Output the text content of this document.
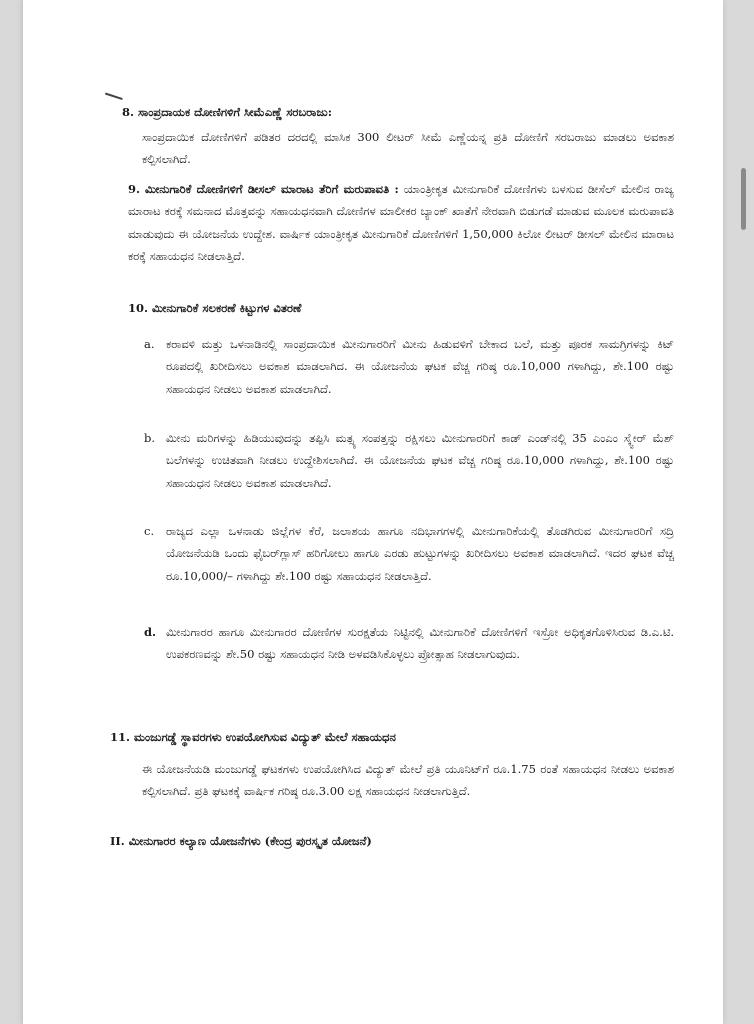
8. ಸಾಂಪ್ರದಾಯಕ ದೋಣಿಗಳಿಗೆ ಸೀಮೆಎಣ್ಣೆ ಸರಬರಾಜು:
ಸಾಂಪ್ರದಾಯಿಕ ದೋಣಿಗಳಿಗೆ ಪಡಿತರ ದರದಲ್ಲಿ ಮಾಸಿಕ 300 ಲೀಟರ್ ಸೀಮೆ ಎಣ್ಣೆಯನ್ನ ಪ್ರತಿ ದೋಣಿಗೆ ಸರಬರಾಜು ಮಾಡಲು ಅವಕಾಶ ಕಲ್ಪಿಸಲಾಗಿದೆ.
9. ಮೀನುಗಾರಿಕೆ ದೋಣಿಗಳಿಗೆ ಡೀಸಲ್ ಮಾರಾಟ ತೆರಿಗೆ ಮರುಪಾವತಿ : ಯಾಂತ್ರೀಕೃತ ಮೀನುಗಾರಿಕೆ ದೋಣಿಗಳು ಬಳಸುವ ಡೀಸೆಲ್ ಮೇಲಿನ ರಾಜ್ಯ ಮಾರಾಟ ಕರಕ್ಕೆ ಸಮನಾದ ಮೊತ್ತವನ್ನು ಸಹಾಯಧನವಾಗಿ ದೋಣಿಗಳ ಮಾಲೀಕರ ಬ್ಯಾಂಕ್ ಖಾತೆಗೆ ನೇರವಾಗಿ ಬಿಡುಗಡೆ ಮಾಡುವ ಮೂಲಕ ಮರುಪಾವತಿ ಮಾಡುವುದು ಈ ಯೋಜನೆಯ ಉದ್ದೇಶ. ವಾರ್ಷಿಕ ಯಾಂತ್ರೀಕೃತ ಮೀನುಗಾರಿಕೆ ದೋಣಿಗಳಿಗೆ 1,50,000 ಕಿಲೋ ಲೀಟರ್ ಡೀಸಲ್ ಮೇಲಿನ ಮಾರಾಟ ಕರಕ್ಕೆ ಸಹಾಯಧನ ನೀಡಲಾತ್ತಿದೆ.
10. ಮೀನುಗಾರಿಕೆ ಸಲಕರಣೆ ಕಿಟ್ಟುಗಳ ವಿತರಣೆ
a. ಕರಾವಳಿ ಮತ್ತು ಒಳನಾಡಿನಲ್ಲಿ ಸಾಂಪ್ರದಾಯಿಕ ಮೀನುಗಾರರಿಗೆ ಮೀನು ಹಿಡುವಳಿಗೆ ಬೇಕಾದ ಬಲೆ, ಮತ್ತು ಪೂರಕ ಸಾಮಗ್ರಿಗಳನ್ನು ಕಿಟ್ ರೂಪದಲ್ಲಿ ಖರೀದಿಸಲು ಅವಕಾಶ ಮಾಡಲಾಗಿದ. ಈ ಯೋಜನೆಯ ಘಟಕ ವೆಚ್ಚ ಗರಿಷ್ಠ ರೂ.10,000 ಗಳಾಗಿದ್ದು, ಶೇ.100 ರಷ್ಟು ಸಹಾಯಧನ ನೀಡಲು ಅವಕಾಶ ಮಾಡಲಾಗಿದೆ.
b. ಮೀನು ಮರಿಗಳನ್ನು ಹಿಡಿಯುವುದನ್ನು ತಪ್ಪಿಸಿ ಮತ್ಸ್ಯ ಸಂಪತ್ತನ್ನು ರಕ್ಷಿಸಲು ಮೀನುಗಾರರಿಗೆ ಕಾಡ್ ಎಂಡ್‌ನಲ್ಲಿ 35 ಎಂಎಂ ಸ್ಕ್ವೇರ್ ಮೆಶ್ ಬಲೆಗಳನ್ನು ಉಚಿತವಾಗಿ ನೀಡಲು ಉದ್ದೇಶಿಸಲಾಗಿದೆ. ಈ ಯೋಜನೆಯ ಘಟಕ ವೆಚ್ಚ ಗರಿಷ್ಠ ರೂ.10,000 ಗಳಾಗಿದ್ದು, ಶೇ.100 ರಷ್ಟು ಸಹಾಯಧನ ನೀಡಲು ಅವಕಾಶ ಮಾಡಲಾಗಿದೆ.
c.	ರಾಜ್ಯದ ಎಲ್ಲಾ ಒಳನಾಡು ಜಿಲ್ಲೆಗಳ ಕೆರೆ, ಜಲಾಶಯ ಹಾಗೂ ನದಿಭಾಗಗಳಲ್ಲಿ ಮೀನುಗಾರಿಕೆಯಲ್ಲಿ ತೊಡಗಿರುವ ಮೀನುಗಾರರಿಗೆ ಸದ್ರಿ ಯೋಜನೆಯಡಿ ಒಂದು ಫೈಬರ್‌ಗ್ಲಾಸ್ ಹರಿಗೋಲು ಹಾಗೂ ಎರಡು ಹುಟ್ಟುಗಳನ್ನು ಖರೀದಿಸಲು ಅವಕಾಶ ಮಾಡಲಾಗಿದೆ. ಇದರ ಘಟಕ ವೆಚ್ಚ ರೂ.10,000/– ಗಳಾಗಿದ್ದು ಶೇ.100 ರಷ್ಟು ಸಹಾಯಧನ ನೀಡಲಾತ್ತಿದೆ.
d. ಮೀನುಗಾರರ ಹಾಗೂ ಮೀನುಗಾರರ ದೋಣಿಗಳ ಸುರಕ್ಷತೆಯ ನಿಟ್ಟಿನಲ್ಲಿ ಮೀನುಗಾರಿಕೆ ದೋಣಿಗಳಿಗೆ ಇಸ್ರೋ ಅಧಿಕೃತಗೊಳಿಸಿರುವ ಡಿ.ಎ.ಟಿ. ಉಪಕರಣವನ್ನು ಶೇ.50 ರಷ್ಟು ಸಹಾಯಧನ ನೀಡಿ ಅಳವಡಿಸಿಕೊಳ್ಳಲು ಪ್ರೋತ್ಸಾಹ ನೀಡಲಾಗುವುದು.
11. ಮಂಜುಗಡ್ಡೆ ಸ್ಥಾವರಗಳು ಉಪಯೋಗಿಸುವ ವಿದ್ಯುತ್ ಮೇಲೆ ಸಹಾಯಧನ
ಈ ಯೋಜನೆಯಡಿ ಮಂಜುಗಡ್ಡೆ ಘಟಕಗಳು ಉಪಯೋಗಿಸಿದ ವಿದ್ಯುತ್ ಮೇಲೆ ಪ್ರತಿ ಯೂನಿಟ್‌ಗೆ ರೂ.1.75 ರಂತೆ ಸಹಾಯಧನ ನೀಡಲು ಅವಕಾಶ ಕಲ್ಪಿಸಲಾಗಿದೆ. ಪ್ರತಿ ಘಟಕಕ್ಕೆ ವಾರ್ಷಿಕ ಗರಿಷ್ಠ ರೂ.3.00 ಲಕ್ಷ ಸಹಾಯಧನ ನೀಡಲಾಗುತ್ತಿದೆ.
II. ಮೀನುಗಾರರ ಕಲ್ಯಾಣ ಯೋಜನೆಗಳು (ಕೇಂದ್ರ ಪುರಸ್ಕೃತ ಯೋಜನೆ)
